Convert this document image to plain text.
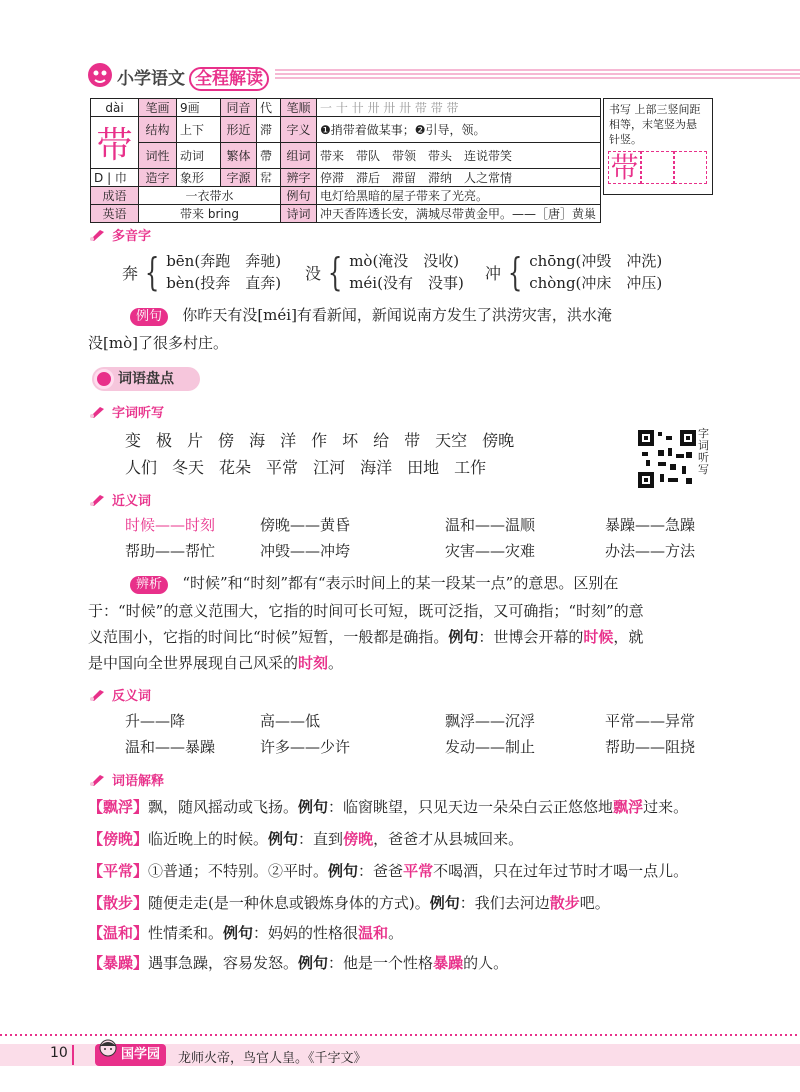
小学语文 全程解读
dài	笔画	9画	同音	代	笔顺	一 十 卄 卅 卅 卅 带 带 带
带	结构	上下	形近	滞	字义	❶捎带着做某事；❷引导，领。
	词性	动词	繁体	帶	组词	带来　带队　带领　带头　连说带笑
D | 巾	造字	象形	字源	𢃵	辨字	停滞　滞后　滞留　滞纳　人之常情
成语	一衣带水				例句	电灯给黑暗的屋子带来了光亮。
英语	带来 bring				诗词	冲天香阵透长安，满城尽带黄金甲。——［唐］黄巢
书写 上部三竖间距相等，末笔竖为悬针竖。
带
多音字
奔 { bēn(奔跑　奔驰)
bèn(投奔　直奔)
没 { mò(淹没　没收)
méi(没有　没事)
冲 { chōng(冲毁　冲洗)
chòng(冲床　冲压)
例句 你昨天有没[méi]有看新闻，新闻说南方发生了洪涝灾害，洪水淹
没[mò]了很多村庄。
词语盘点
字词听写
变 极 片 傍 海 洋 作 坏 给 带 天空 傍晚
人们 冬天 花朵 平常 江河 海洋 田地 工作
字词听写
近义词
时候——时刻	傍晚——黄昏	温和——温顺	暴躁——急躁
帮助——帮忙	冲毁——冲垮	灾害——灾难	办法——方法
辨析 “时候”和“时刻”都有“表示时间上的某一段某一点”的意思。区别在
于：“时候”的意义范围大，它指的时间可长可短，既可泛指，又可确指；“时刻”的意
义范围小，它指的时间比“时候”短暂，一般都是确指。例句：世博会开幕的时候，就
是中国向全世界展现自己风采的时刻。
反义词
升——降	高——低	飘浮——沉浮	平常——异常
温和——暴躁	许多——少许	发动——制止	帮助——阻挠
词语解释
【飘浮】飘，随风摇动或飞扬。例句：临窗眺望，只见天边一朵朵白云正悠悠地飘浮过来。
【傍晚】临近晚上的时候。例句：直到傍晚，爸爸才从县城回来。
【平常】①普通；不特别。②平时。例句：爸爸平常不喝酒，只在过年过节时才喝一点儿。
【散步】随便走走(是一种休息或锻炼身体的方式)。例句：我们去河边散步吧。
【温和】性情柔和。例句：妈妈的性格很温和。
【暴躁】遇事急躁，容易发怒。例句：他是一个性格暴躁的人。
10	国学园	龙师火帝，鸟官人皇。《千字文》
